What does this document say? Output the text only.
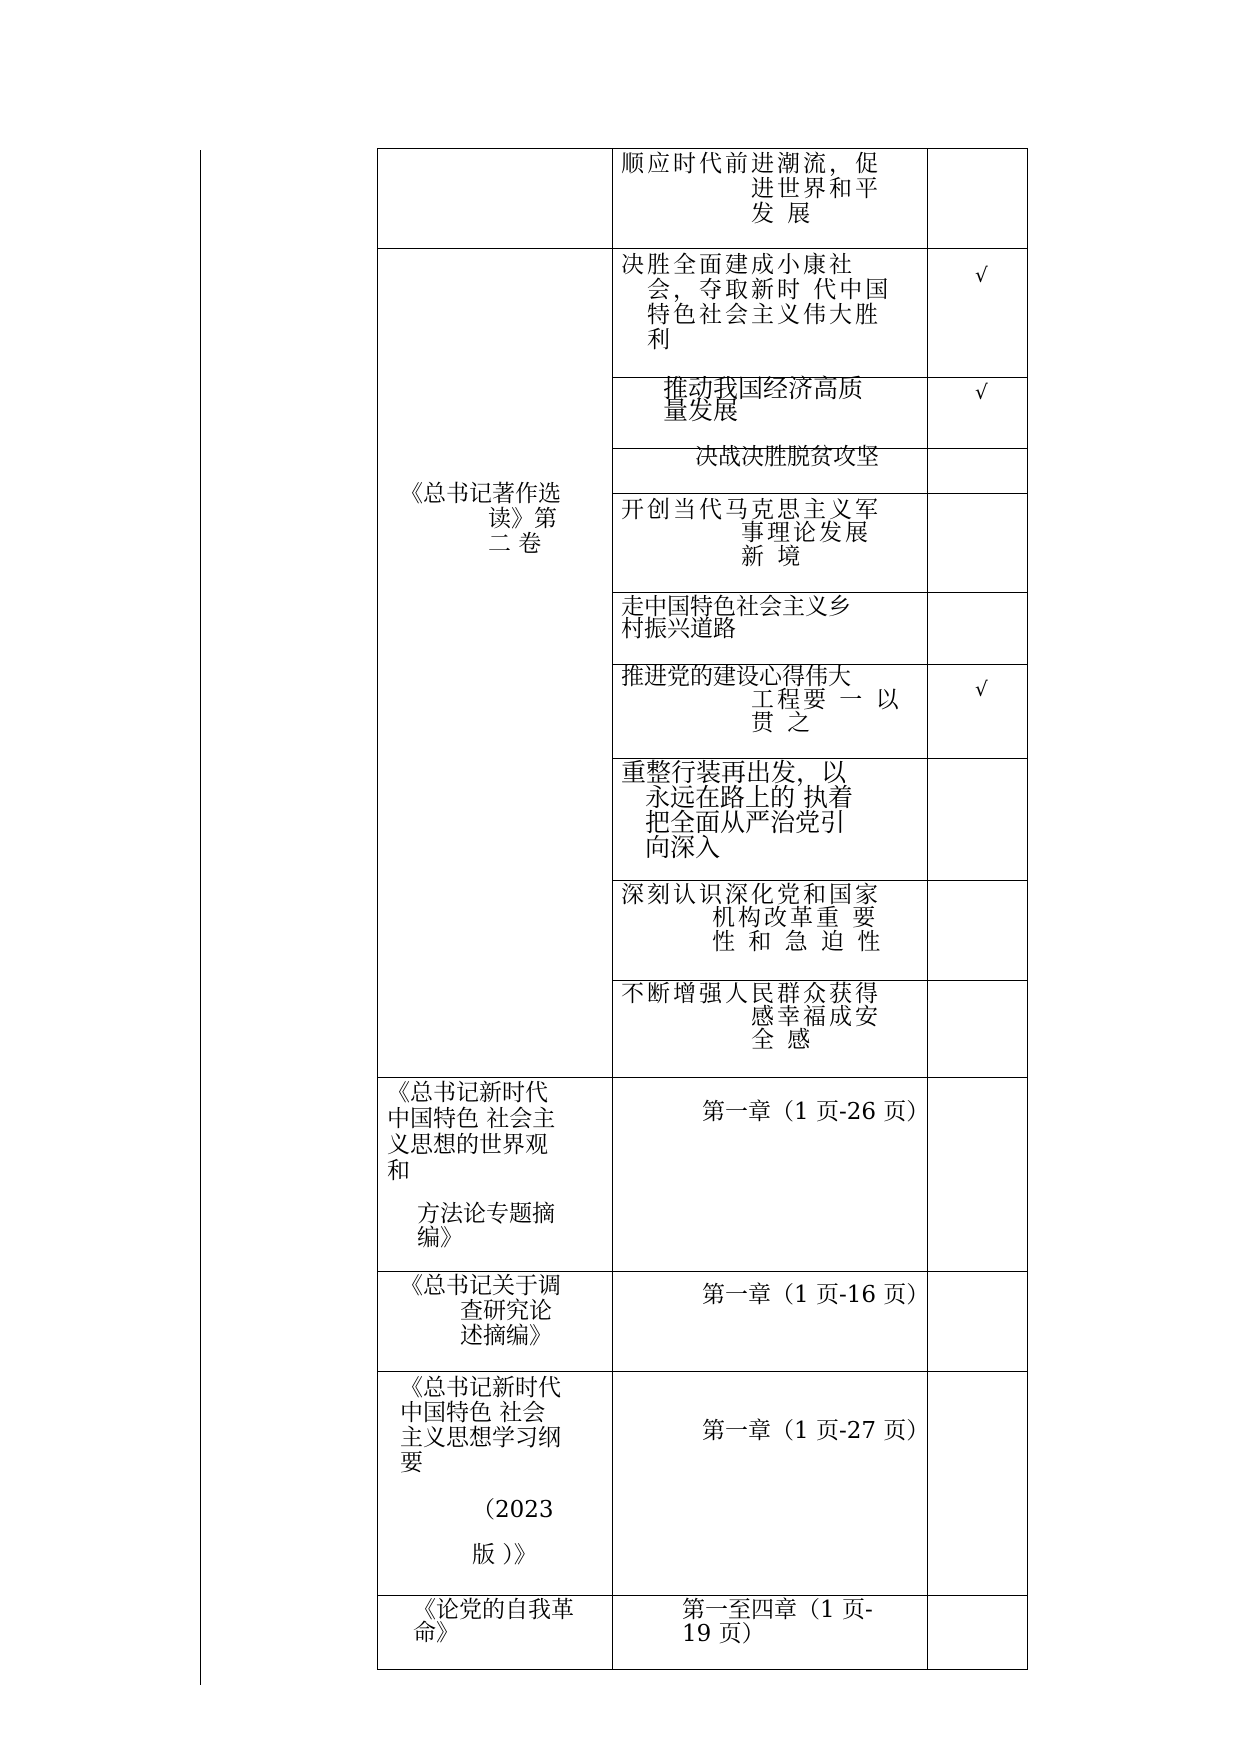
顺应时代前进潮流，促
进世界和平
发 展
《总书记著作选
读》第
二 卷
决胜全面建成小康社
会，夺取新时 代中国
特色社会主义伟大胜
利
√
推动我国经济高质
量发展
√
决战决胜脱贫攻坚
开创当代马克思主义军
事理论发展
新 境
走中国特色社会主义乡
村振兴道路
推进党的建设心得伟大
工程要 一 以
贯 之
√
重整行装再出发，以
永远在路上的 执着
把全面从严治党引
向深入
深刻认识深化党和国家
机构改革重 要
性 和 急 迫 性
不断增强人民群众获得
感幸福成安
全 感
《总书记新时代
中国特色 社会主
义思想的世界观
和
方法论专题摘
编》
第一章（1 页-26 页）
《总书记关于调
查研究论
述摘编》
第一章（1 页-16 页）
《总书记新时代
中国特色 社会
主义思想学习纲
要
（2023
版 ）》
第一章（1 页-27 页）
《论党的自我革
命》
第一至四章（1 页-
19 页）
